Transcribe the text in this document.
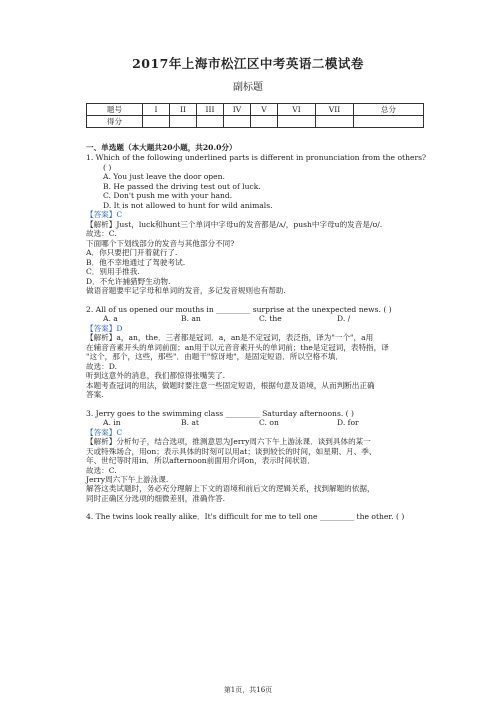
2017年上海市松江区中考英语二模试卷
副标题
题号	I	II	III	IV	V	VI	VII	总分
得分								
一、单选题（本大题共20小题，共20.0分）
1. Which of the following underlined parts is different in pronunciation from the others?
( )
A. You just leave the door open.
B. He passed the driving test out of luck.
C. Don't push me with your hand.
D. It is not allowed to hunt for wild animals.
【答案】C
【解析】Just，luck和hunt三个单词中字母u的发音都是/ʌ/，push中字母u的发音是/ʊ/.
故选：C.
下面哪个下划线部分的发音与其他部分不同?
A．你只要把门开着就行了.
B．他不幸地通过了驾驶考试.
C．别用手推我.
D．不允许捕猎野生动物.
做语音题要牢记字母和单词的发音，多记发音规则也有帮助.
2. All of us opened our mouths in _________ surprise at the unexpected news. ( )
A. a	B. an	C. the	D. /
【答案】D
【解析】a，an，the．三者都是冠词．a，an是不定冠词，表泛指，译为"一个"，a用
在辅音音素开头的单词前面；an用于以元音音素开头的单词前；the是定冠词，表特指，译
"这个，那个，这些，那些"．由题干"惊讶地"，是固定短语．所以空格不填．
故选：D.
听到这意外的消息，我们都惊得张嘴笑了.
本题考查冠词的用法，做题时要注意一些固定短语，根据句意及语境，从而判断出正确
答案.
3. Jerry goes to the swimming class _________ Saturday afternoons. ( )
A. in	B. at	C. on	D. for
【答案】C
【解析】分析句子，结合选项，推测意思为Jerry周六下午上游泳课．谈到具体的某一
天或特殊场合，用on；表示具体的时刻可以用at；谈到较长的时间，如星期、月、季、
年、世纪等时用in．所以afternoon前面用介词on，表示时间状语．
故选：C.
Jerry周六下午上游泳课.
解答这类试题时，务必充分理解上下文的语境和前后文的逻辑关系，找到解题的依据，
同时正确区分选项的细微差别，准确作答.
4. The twins look really alike．It's difficult for me to tell one _________ the other. ( )
第1页，共16页
